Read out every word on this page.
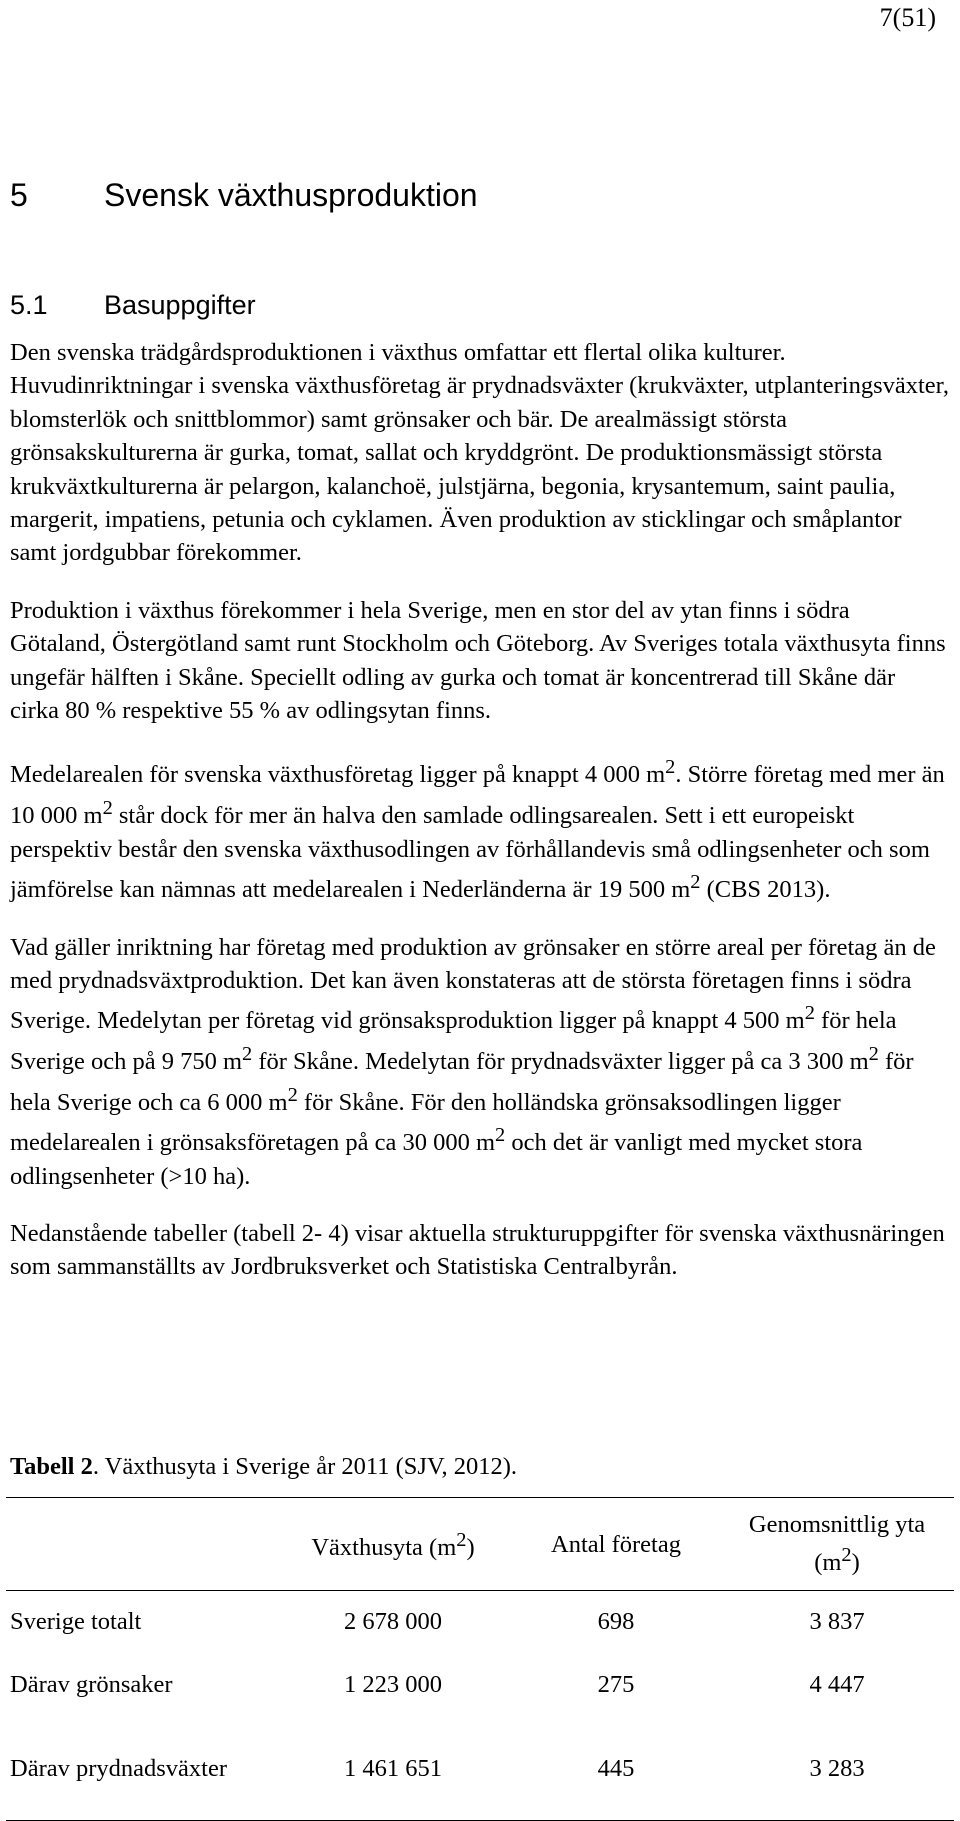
7(51)
5 Svensk växthusproduktion
5.1 Basuppgifter

Den svenska trädgårdsproduktionen i växthus omfattar ett flertal olika kulturer. Huvudinriktningar i svenska växthusföretag är prydnadsväxter (krukväxter, utplanteringsväxter, blomsterlök och snittblommor) samt grönsaker och bär. De arealmässigt största grönsakskulturerna är gurka, tomat, sallat och kryddgrönt. De produktionsmässigt största krukväxtkulturerna är pelargon, kalanchoë, julstjärna, begonia, krysantemum, saint paulia, margerit, impatiens, petunia och cyklamen. Även produktion av sticklingar och småplantor samt jordgubbar förekommer.

Produktion i växthus förekommer i hela Sverige, men en stor del av ytan finns i södra Götaland, Östergötland samt runt Stockholm och Göteborg. Av Sveriges totala växthusyta finns ungefär hälften i Skåne. Speciellt odling av gurka och tomat är koncentrerad till Skåne där cirka 80 % respektive 55 % av odlingsytan finns.

Medelarealen för svenska växthusföretag ligger på knappt 4 000 $m^2$. Större företag med mer än 10 000 $m^2$ står dock för mer än halva den samlade odlingsarealen. Sett i ett europeiskt perspektiv består den svenska växthusodlingen av förhållandevis små odlingsenheter och som jämförelse kan nämnas att medelarealen i Nederländerna är 19 500 $m^2$ (CBS 2013).

Vad gäller inriktning har företag med produktion av grönsaker en större areal per företag än de med prydnadsväxtproduktion. Det kan även konstateras att de största företagen finns i södra Sverige. Medelytan per företag vid grönsaksproduktion ligger på knappt 4 500 $m^2$ för hela Sverige och på 9 750 $m^2$ för Skåne. Medelytan för prydnadsväxter ligger på ca 3 300 $m^2$ för hela Sverige och ca 6 000 $m^2$ för Skåne. För den holländska grönsaksodlingen ligger medelarealen i grönsaksföretagen på ca 30 000 $m^2$ och det är vanligt med mycket stora odlingsenheter (>10 ha).

Nedanstående tabeller (tabell 2- 4) visar aktuella strukturuppgifter för svenska växthusnäringen som sammanställts av Jordbruksverket och Statistiska Centralbyrån.

Tabell 2. Växthusyta i Sverige år 2011 (SJV, 2012).
	Växthusyta $(m^2)$	Antal företag	Genomsnittlig yta $(m^2)$
Sverige totalt	2 678 000	698	3 837
Därav grönsaker	1 223 000	275	4 447
Därav prydnadsväxter	1 461 651	445	3 283
